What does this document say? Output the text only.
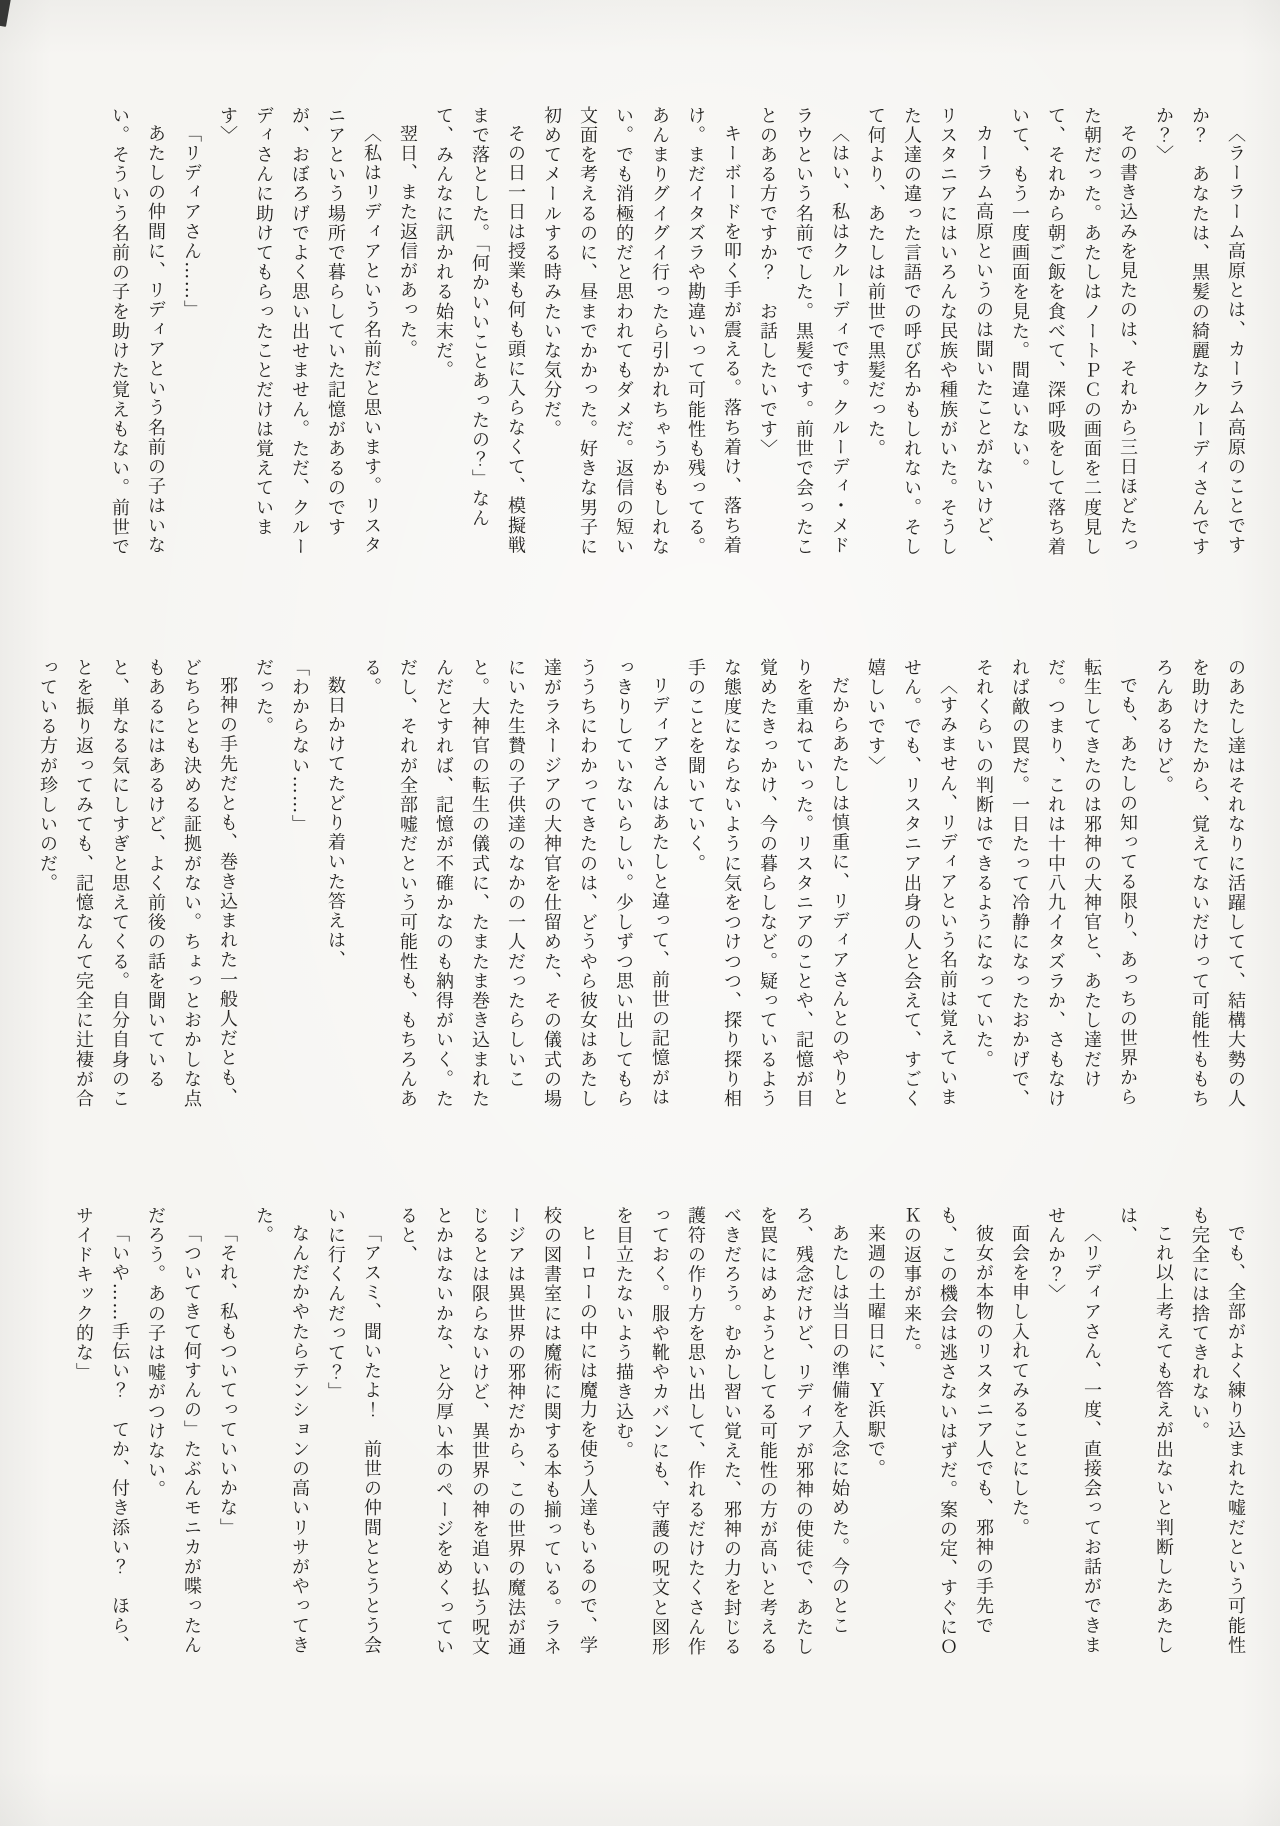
〈ラーラーム高原とは、カーラム高原のことですか？　あなたは、黒髪の綺麗なクルーディさんですか？〉

その書き込みを見たのは、それから三日ほどたった朝だった。あたしはノートＰＣの画面を二度見して、それから朝ご飯を食べて、深呼吸をして落ち着いて、もう一度画面を見た。間違いない。

カーラム高原というのは聞いたことがないけど、リスタニアにはいろんな民族や種族がいた。そうした人達の違った言語での呼び名かもしれない。そして何より、あたしは前世で黒髪だった。

〈はい、私はクルーディです。クルーディ・メドラウという名前でした。黒髪です。前世で会ったことのある方ですか？　お話したいです〉

キーボードを叩く手が震える。落ち着け、落ち着け。まだイタズラや勘違いって可能性も残ってる。あんまりグイグイ行ったら引かれちゃうかもしれない。でも消極的だと思われてもダメだ。返信の短い文面を考えるのに、昼までかかった。好きな男子に初めてメールする時みたいな気分だ。

その日一日は授業も何も頭に入らなくて、模擬戦まで落とした。「何かいいことあったの？」なんて、みんなに訊かれる始末だ。

翌日、また返信があった。

〈私はリディアという名前だと思います。リスタニアという場所で暮らしていた記憶があるのですが、おぼろげでよく思い出せません。ただ、クルーディさんに助けてもらったことだけは覚えています〉

「リディアさん……」

あたしの仲間に、リディアという名前の子はいない。そういう名前の子を助けた覚えもない。前世で

のあたし達はそれなりに活躍してて、結構大勢の人を助けたたから、覚えてないだけって可能性ももちろんあるけど。

でも、あたしの知ってる限り、あっちの世界から転生してきたのは邪神の大神官と、あたし達だけだ。つまり、これは十中八九イタズラか、さもなければ敵の罠だ。一日たって冷静になったおかげで、それくらいの判断はできるようになっていた。

〈すみません、リディアという名前は覚えていません。でも、リスタニア出身の人と会えて、すごく嬉しいです〉

だからあたしは慎重に、リディアさんとのやりとりを重ねていった。リスタニアのことや、記憶が目覚めたきっかけ、今の暮らしなど。疑っているような態度にならないように気をつけつつ、探り探り相手のことを聞いていく。

リディアさんはあたしと違って、前世の記憶がはっきりしていないらしい。少しずつ思い出してもらううちにわかってきたのは、どうやら彼女はあたし達がラネージアの大神官を仕留めた、その儀式の場にいた生贄の子供達のなかの一人だったらしいこと。大神官の転生の儀式に、たまたま巻き込まれたんだとすれば、記憶が不確かなのも納得がいく。ただし、それが全部嘘だという可能性も、もちろんある。

数日かけてたどり着いた答えは、

「わからない……」

だった。

邪神の手先だとも、巻き込まれた一般人だとも、どちらとも決める証拠がない。ちょっとおかしな点もあるにはあるけど、よく前後の話を聞いていると、単なる気にしすぎと思えてくる。自分自身のことを振り返ってみても、記憶なんて完全に辻褄が合っている方が珍しいのだ。

でも、全部がよく練り込まれた嘘だという可能性も完全には捨てきれない。

これ以上考えても答えが出ないと判断したあたしは、

〈リディアさん、一度、直接会ってお話ができませんか？〉

面会を申し入れてみることにした。

彼女が本物のリスタニア人でも、邪神の手先でも、この機会は逃さないはずだ。案の定、すぐにＯＫの返事が来た。

来週の土曜日に、Ｙ浜駅で。

あたしは当日の準備を入念に始めた。今のところ、残念だけど、リディアが邪神の使徒で、あたしを罠にはめようとしてる可能性の方が高いと考えるべきだろう。むかし習い覚えた、邪神の力を封じる護符の作り方を思い出して、作れるだけたくさん作っておく。服や靴やカバンにも、守護の呪文と図形を目立たないよう描き込む。

ヒーローの中には魔力を使う人達もいるので、学校の図書室には魔術に関する本も揃っている。ラネージアは異世界の邪神だから、この世界の魔法が通じるとは限らないけど、異世界の神を追い払う呪文とかはないかな、と分厚い本のページをめくっていると、

「アスミ、聞いたよ！　前世の仲間ととうとう会いに行くんだって？」

なんだかやたらテンションの高いリサがやってきた。

「それ、私もついてっていいかな」

「ついてきて何すんの」たぶんモニカが喋ったんだろう。あの子は嘘がつけない。

「いや……手伝い？　てか、付き添い？　ほら、サイドキック的な」
